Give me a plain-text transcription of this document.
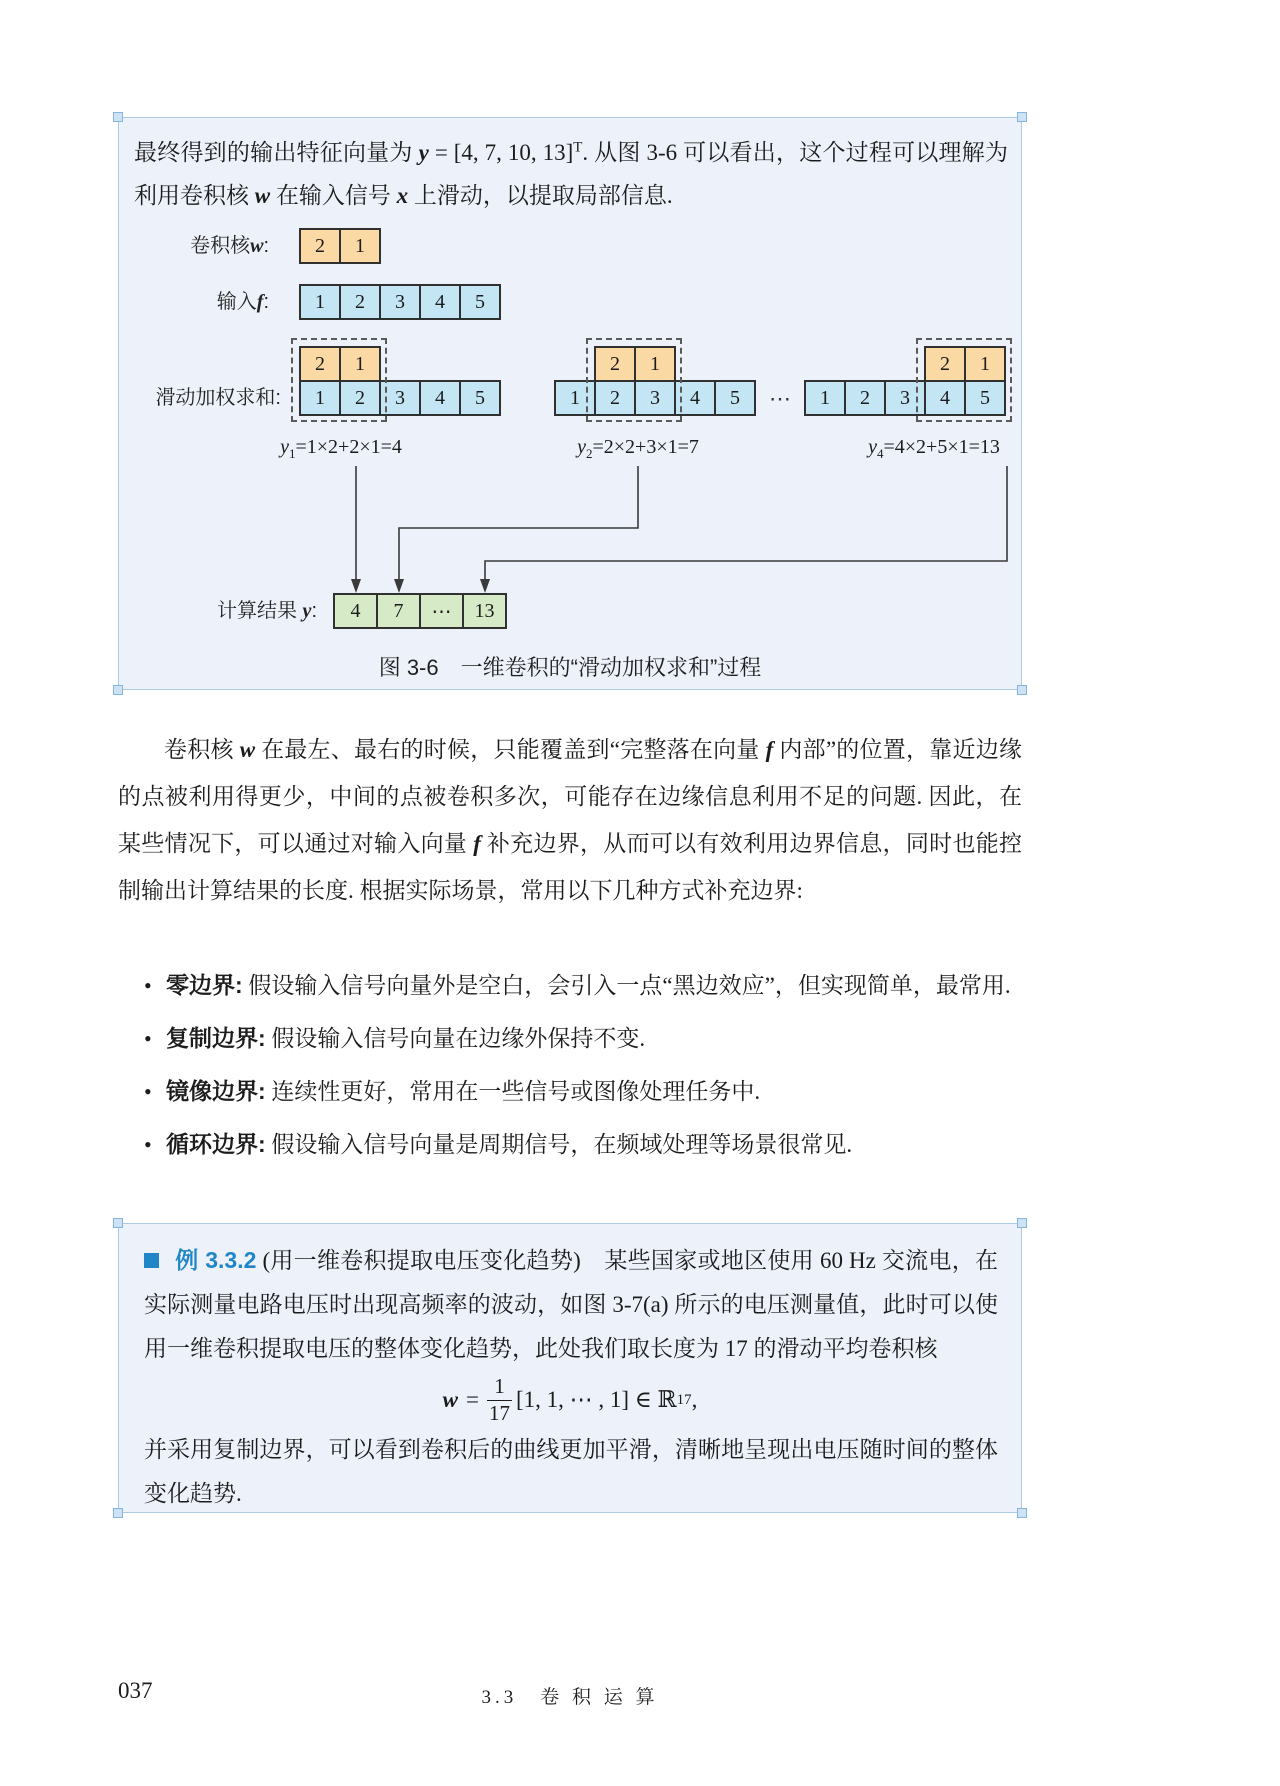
最终得到的输出特征向量为 y = [4, 7, 10, 13]$^T$. 从图 3-6 可以看出，这个过程可以理解为利用卷积核 w 在输入信号 x 上滑动，以提取局部信息.
卷积核w:	2	1
输入f:	1	2	3	4	5
滑动加权求和:
2	1
1	2	3	4	5
2	1
1	2	3	4	5	⋯
2	1
1	2	3	4	5
$y_1=1\times 2+2\times 1=4$	$y_2=2\times 2+3\times 1=7$	$y_4=4\times 2+5\times 1=13$
计算结果 y:	4	7	⋯	13
图 3-6　一维卷积的“滑动加权求和”过程
卷积核 w 在最左、最右的时候，只能覆盖到“完整落在向量 f 内部”的位置，靠近边缘的点被利用得更少，中间的点被卷积多次，可能存在边缘信息利用不足的问题. 因此，在某些情况下，可以通过对输入向量 f 补充边界，从而可以有效利用边界信息，同时也能控制输出计算结果的长度. 根据实际场景，常用以下几种方式补充边界:
• 零边界: 假设输入信号向量外是空白，会引入一点“黑边效应”，但实现简单，最常用.
• 复制边界: 假设输入信号向量在边缘外保持不变.
• 镜像边界: 连续性更好，常用在一些信号或图像处理任务中.
• 循环边界: 假设输入信号向量是周期信号，在频域处理等场景很常见.
例 3.3.2 (用一维卷积提取电压变化趋势)　某些国家或地区使用 60 Hz 交流电，在实际测量电路电压时出现高频率的波动，如图 3-7(a) 所示的电压测量值，此时可以使用一维卷积提取电压的整体变化趋势，此处我们取长度为 17 的滑动平均卷积核
$w = \frac{1}{17} [1$, 1, ⋯ , 1] ∈ ℝ 17 ,
并采用复制边界，可以看到卷积后的曲线更加平滑，清晰地呈现出电压随时间的整体变化趋势.
037	3.3　卷 积 运 算
